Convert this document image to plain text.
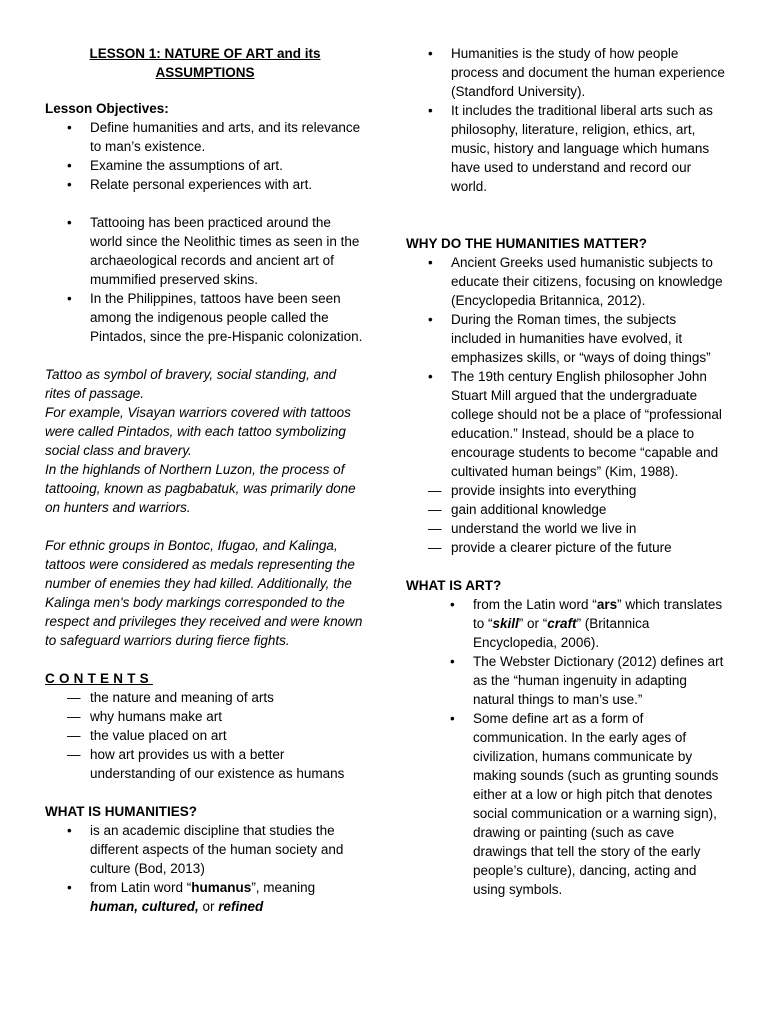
LESSON 1: NATURE OF ART and its
ASSUMPTIONS
Lesson Objectives:
• Define humanities and arts, and its relevance to man’s existence.
• Examine the assumptions of art.
• Relate personal experiences with art.
• Tattooing has been practiced around the world since the Neolithic times as seen in the archaeological records and ancient art of mummified preserved skins.
• In the Philippines, tattoos have been seen among the indigenous people called the Pintados, since the pre-Hispanic colonization.
Tattoo as symbol of bravery, social standing, and rites of passage.
For example, Visayan warriors covered with tattoos were called Pintados, with each tattoo symbolizing social class and bravery.
In the highlands of Northern Luzon, the process of tattooing, known as pagbabatuk, was primarily done on hunters and warriors.
For ethnic groups in Bontoc, Ifugao, and Kalinga, tattoos were considered as medals representing the number of enemies they had killed. Additionally, the Kalinga men's body markings corresponded to the respect and privileges they received and were known to safeguard warriors during fierce fights.
CONTENTS
— the nature and meaning of arts
— why humans make art
— the value placed on art
— how art provides us with a better understanding of our existence as humans
WHAT IS HUMANITIES?
• is an academic discipline that studies the different aspects of the human society and culture (Bod, 2013)
• from Latin word “humanus”, meaning
human, cultured, or refined
• Humanities is the study of how people process and document the human experience (Standford University).
• It includes the traditional liberal arts such as philosophy, literature, religion, ethics, art, music, history and language which humans have used to understand and record our world.
WHY DO THE HUMANITIES MATTER?
• Ancient Greeks used humanistic subjects to educate their citizens, focusing on knowledge (Encyclopedia Britannica, 2012).
• During the Roman times, the subjects included in humanities have evolved, it emphasizes skills, or “ways of doing things”
• The 19th century English philosopher John Stuart Mill argued that the undergraduate college should not be a place of “professional education.” Instead, should be a place to encourage students to become “capable and cultivated human beings” (Kim, 1988).
— provide insights into everything
— gain additional knowledge
— understand the world we live in
— provide a clearer picture of the future
WHAT IS ART?
• from the Latin word “ars” which translates to “skill” or “craft” (Britannica Encyclopedia, 2006).
• The Webster Dictionary (2012) defines art as the “human ingenuity in adapting natural things to man’s use.”
• Some define art as a form of communication. In the early ages of civilization, humans communicate by making sounds (such as grunting sounds either at a low or high pitch that denotes social communication or a warning sign), drawing or painting (such as cave drawings that tell the story of the early people’s culture), dancing, acting and using symbols.
